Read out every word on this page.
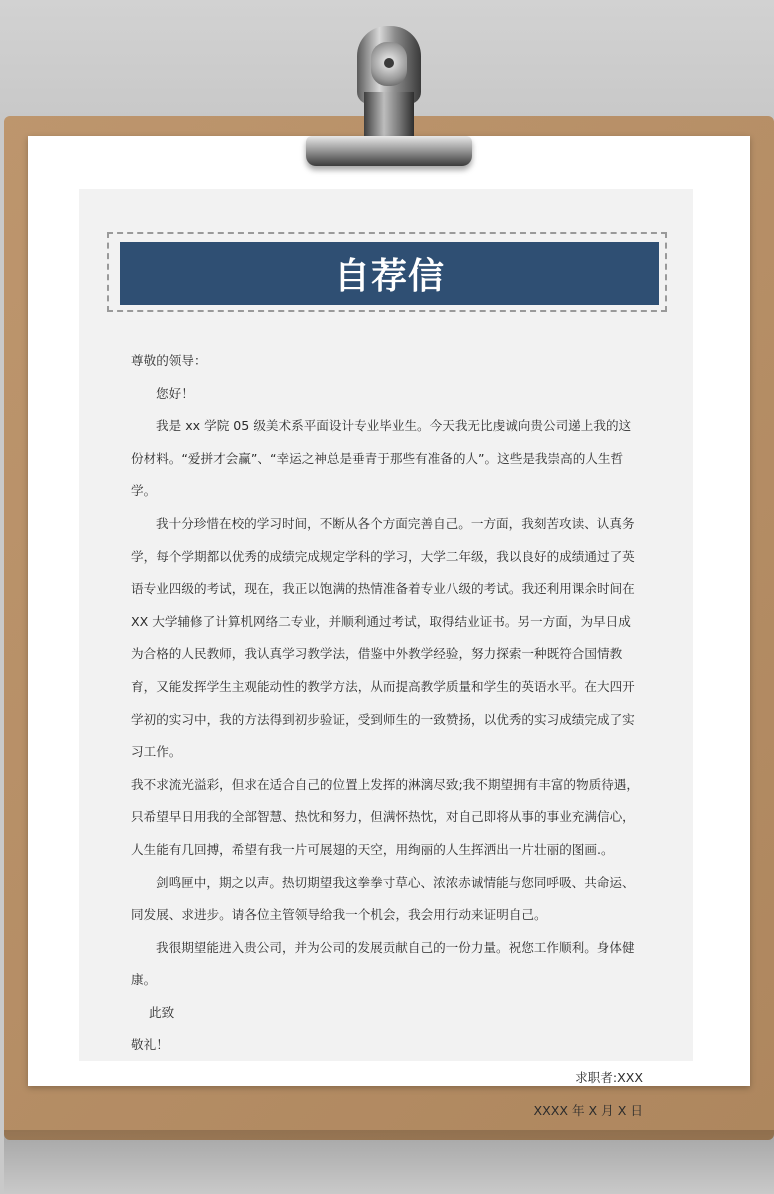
自荐信

尊敬的领导：

您好！

我是 xx 学院 05 级美术系平面设计专业毕业生。今天我无比虔诚向贵公司递上我的这份材料。“爱拼才会赢”、“幸运之神总是垂青于那些有准备的人”。这些是我崇高的人生哲学。

我十分珍惜在校的学习时间，不断从各个方面完善自己。一方面，我刻苦攻读、认真务学，每个学期都以优秀的成绩完成规定学科的学习，大学二年级，我以良好的成绩通过了英语专业四级的考试，现在，我正以饱满的热情准备着专业八级的考试。我还利用课余时间在 XX 大学辅修了计算机网络二专业，并顺利通过考试，取得结业证书。另一方面，为早日成为合格的人民教师，我认真学习教学法，借鉴中外教学经验，努力探索一种既符合国情教育，又能发挥学生主观能动性的教学方法，从而提高教学质量和学生的英语水平。在大四开学初的实习中，我的方法得到初步验证，受到师生的一致赞扬，以优秀的实习成绩完成了实习工作。

我不求流光溢彩，但求在适合自己的位置上发挥的淋漓尽致;我不期望拥有丰富的物质待遇，只希望早日用我的全部智慧、热忱和努力，但满怀热忱，对自己即将从事的事业充满信心，人生能有几回搏，希望有我一片可展翅的天空，用绚丽的人生挥洒出一片壮丽的图画.。

剑鸣匣中，期之以声。热切期望我这拳拳寸草心、浓浓赤诚情能与您同呼吸、共命运、同发展、求进步。请各位主管领导给我一个机会，我会用行动来证明自己。

我很期望能进入贵公司，并为公司的发展贡献自己的一份力量。祝您工作顺利。身体健康。

此致

敬礼！

求职者:XXX

XXXX 年 X 月 X 日
